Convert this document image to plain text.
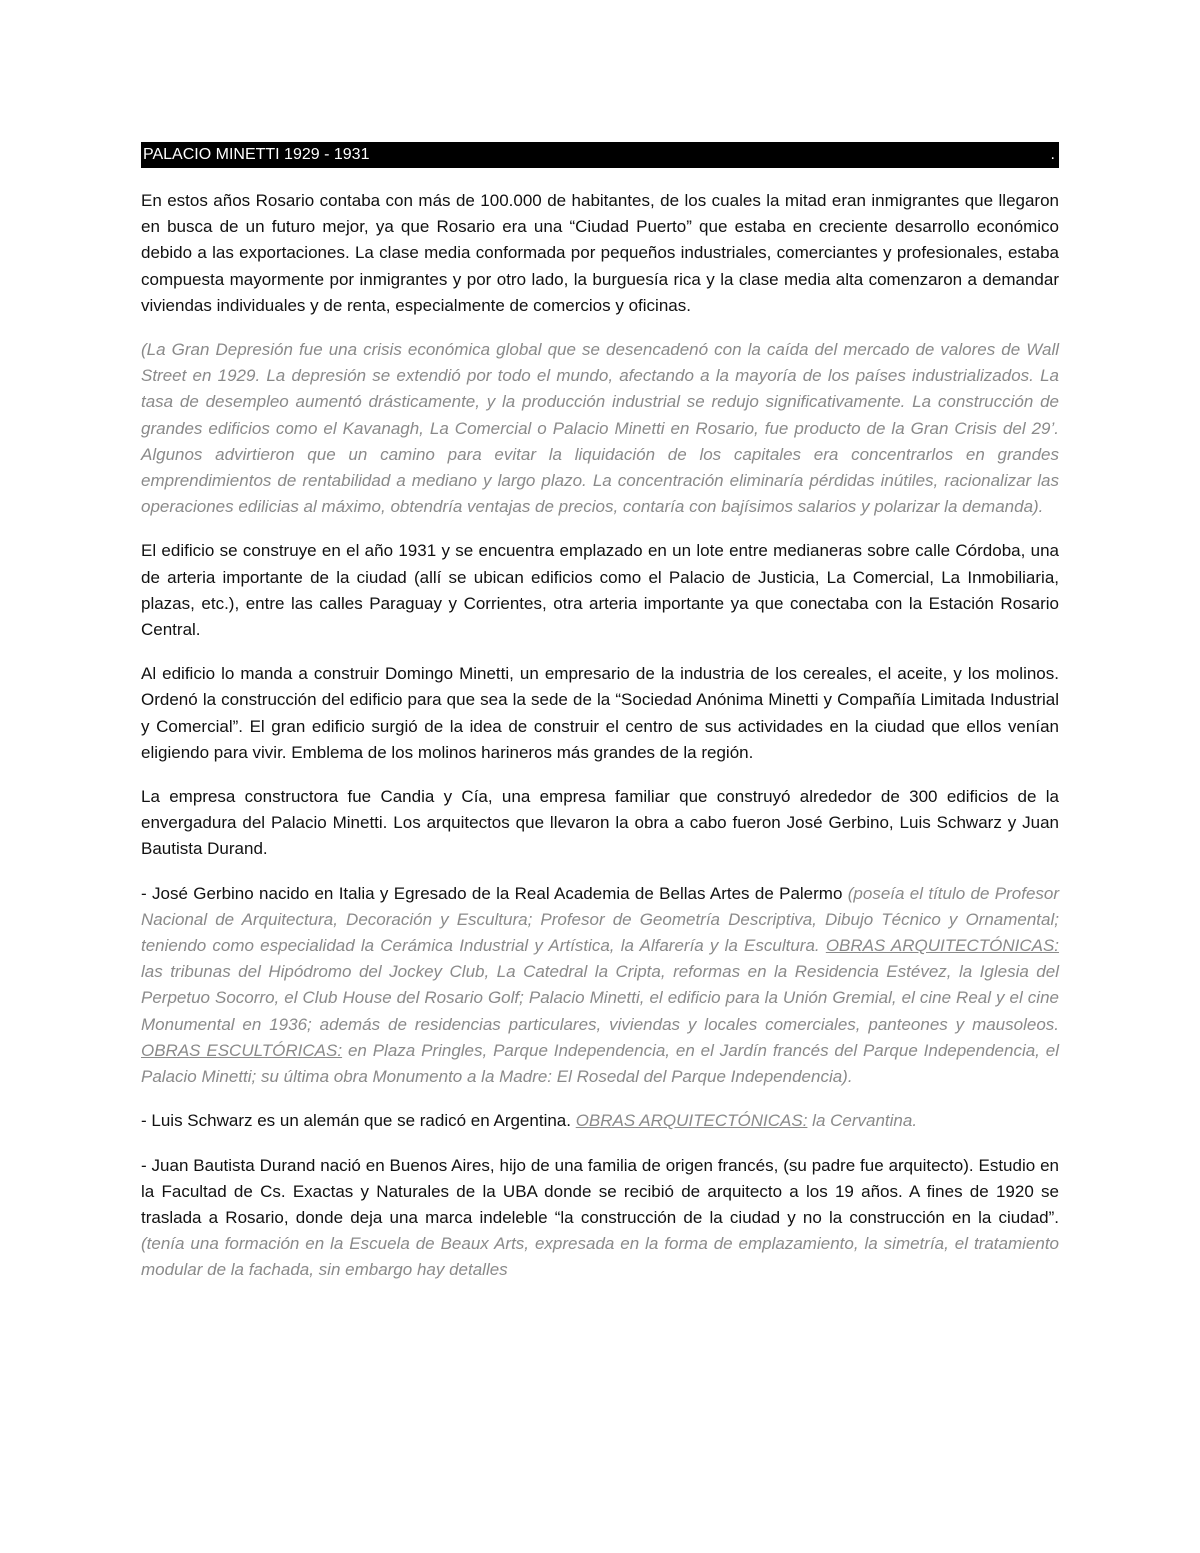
PALACIO MINETTI 1929 - 1931	.

En estos años Rosario contaba con más de 100.000 de habitantes, de los cuales la mitad eran inmigrantes que llegaron en busca de un futuro mejor, ya que Rosario era una “Ciudad Puerto” que estaba en creciente desarrollo económico debido a las exportaciones. La clase media conformada por pequeños industriales, comerciantes y profesionales, estaba compuesta mayormente por inmigrantes y por otro lado, la burguesía rica y la clase media alta comenzaron a demandar viviendas individuales y de renta, especialmente de comercios y oficinas.

(La Gran Depresión fue una crisis económica global que se desencadenó con la caída del mercado de valores de Wall Street en 1929. La depresión se extendió por todo el mundo, afectando a la mayoría de los países industrializados. La tasa de desempleo aumentó drásticamente, y la producción industrial se redujo significativamente. La construcción de grandes edificios como el Kavanagh, La Comercial o Palacio Minetti en Rosario, fue producto de la Gran Crisis del 29’. Algunos advirtieron que un camino para evitar la liquidación de los capitales era concentrarlos en grandes emprendimientos de rentabilidad a mediano y largo plazo. La concentración eliminaría pérdidas inútiles, racionalizar las operaciones edilicias al máximo, obtendría ventajas de precios, contaría con bajísimos salarios y polarizar la demanda).

El edificio se construye en el año 1931 y se encuentra emplazado en un lote entre medianeras sobre calle Córdoba, una de arteria importante de la ciudad (allí se ubican edificios como el Palacio de Justicia, La Comercial, La Inmobiliaria, plazas, etc.), entre las calles Paraguay y Corrientes, otra arteria importante ya que conectaba con la Estación Rosario Central.

Al edificio lo manda a construir Domingo Minetti, un empresario de la industria de los cereales, el aceite, y los molinos. Ordenó la construcción del edificio para que sea la sede de la “Sociedad Anónima Minetti y Compañía Limitada Industrial y Comercial”. El gran edificio surgió de la idea de construir el centro de sus actividades en la ciudad que ellos venían eligiendo para vivir. Emblema de los molinos harineros más grandes de la región.

La empresa constructora fue Candia y Cía, una empresa familiar que construyó alrededor de 300 edificios de la envergadura del Palacio Minetti. Los arquitectos que llevaron la obra a cabo fueron José Gerbino, Luis Schwarz y Juan Bautista Durand.

- José Gerbino nacido en Italia y Egresado de la Real Academia de Bellas Artes de Palermo (poseía el título de Profesor Nacional de Arquitectura, Decoración y Escultura; Profesor de Geometría Descriptiva, Dibujo Técnico y Ornamental; teniendo como especialidad la Cerámica Industrial y Artística, la Alfarería y la Escultura. OBRAS ARQUITECTÓNICAS: las tribunas del Hipódromo del Jockey Club, La Catedral la Cripta, reformas en la Residencia Estévez, la Iglesia del Perpetuo Socorro, el Club House del Rosario Golf; Palacio Minetti, el edificio para la Unión Gremial, el cine Real y el cine Monumental en 1936; además de residencias particulares, viviendas y locales comerciales, panteones y mausoleos. OBRAS ESCULTÓRICAS: en Plaza Pringles, Parque Independencia, en el Jardín francés del Parque Independencia, el Palacio Minetti; su última obra Monumento a la Madre: El Rosedal del Parque Independencia).

- Luis Schwarz es un alemán que se radicó en Argentina. OBRAS ARQUITECTÓNICAS: la Cervantina.

- Juan Bautista Durand nació en Buenos Aires, hijo de una familia de origen francés, (su padre fue arquitecto). Estudio en la Facultad de Cs. Exactas y Naturales de la UBA donde se recibió de arquitecto a los 19 años. A fines de 1920 se traslada a Rosario, donde deja una marca indeleble “la construcción de la ciudad y no la construcción en la ciudad”. (tenía una formación en la Escuela de Beaux Arts, expresada en la forma de emplazamiento, la simetría, el tratamiento modular de la fachada, sin embargo hay detalles
